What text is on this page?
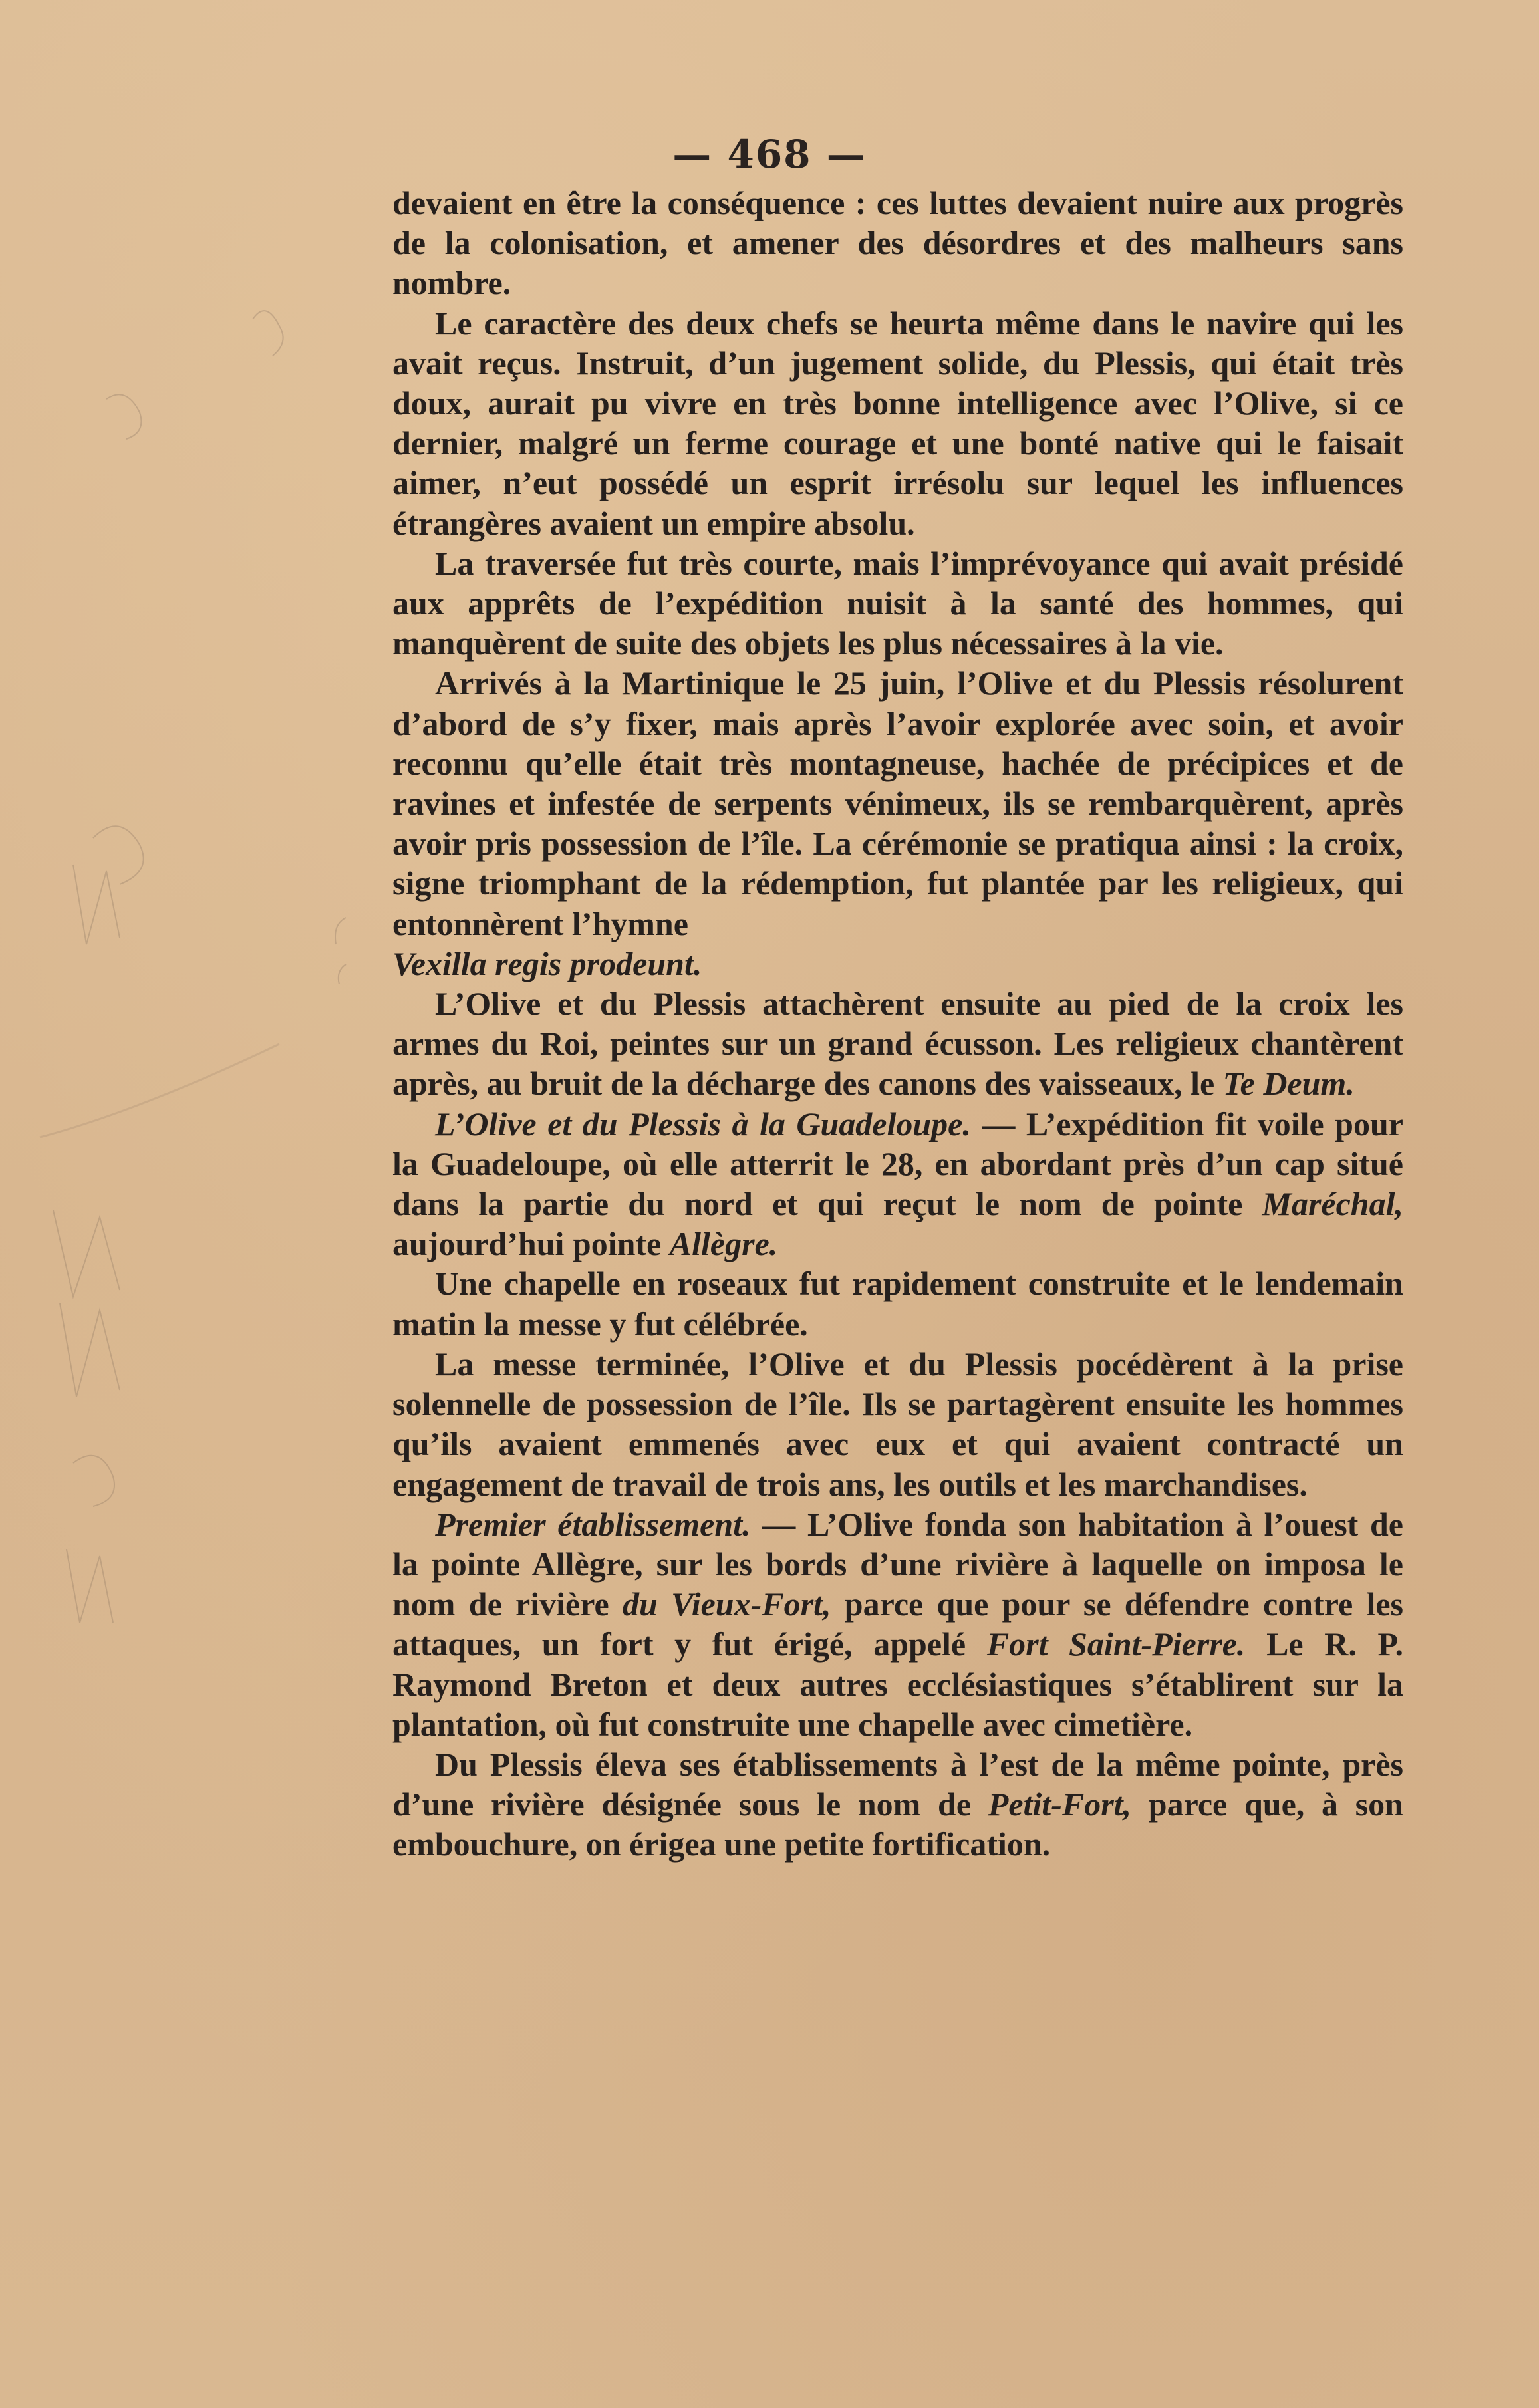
— 468 —

devaient en être la conséquence : ces luttes devaient nuire aux progrès de la colonisation, et amener des désordres et des malheurs sans nombre.

Le caractère des deux chefs se heurta même dans le navire qui les avait reçus. Instruit, d’un jugement solide, du Plessis, qui était très doux, aurait pu vivre en très bonne intelligence avec l’Olive, si ce dernier, malgré un ferme courage et une bonté native qui le faisait aimer, n’eut possédé un esprit irrésolu sur lequel les influences étrangères avaient un empire absolu.

La traversée fut très courte, mais l’imprévoyance qui avait présidé aux apprêts de l’expédition nuisit à la santé des hommes, qui manquèrent de suite des objets les plus nécessaires à la vie.

Arrivés à la Martinique le 25 juin, l’Olive et du Plessis résolurent d’abord de s’y fixer, mais après l’avoir explorée avec soin, et avoir reconnu qu’elle était très montagneuse, hachée de précipices et de ravines et infestée de serpents vénimeux, ils se rembarquèrent, après avoir pris possession de l’île. La cérémonie se pratiqua ainsi : la croix, signe triomphant de la rédemption, fut plantée par les religieux, qui entonnèrent l’hymne

Vexilla regis prodeunt.

L’Olive et du Plessis attachèrent ensuite au pied de la croix les armes du Roi, peintes sur un grand écusson. Les religieux chantèrent après, au bruit de la décharge des canons des vaisseaux, le Te Deum.

L’Olive et du Plessis à la Guadeloupe. — L’expédition fit voile pour la Guadeloupe, où elle atterrit le 28, en abordant près d’un cap situé dans la partie du nord et qui reçut le nom de pointe Maréchal, aujourd’hui pointe Allègre.

Une chapelle en roseaux fut rapidement construite et le lendemain matin la messe y fut célébrée.

La messe terminée, l’Olive et du Plessis pocédèrent à la prise solennelle de possession de l’île. Ils se partagèrent ensuite les hommes qu’ils avaient emmenés avec eux et qui avaient contracté un engagement de travail de trois ans, les outils et les marchandises.

Premier établissement. — L’Olive fonda son habitation à l’ouest de la pointe Allègre, sur les bords d’une rivière à laquelle on imposa le nom de rivière du Vieux-Fort, parce que pour se défendre contre les attaques, un fort y fut érigé, appelé Fort Saint-Pierre. Le R. P. Raymond Breton et deux autres ecclésiastiques s’établirent sur la plantation, où fut construite une chapelle avec cimetière.

Du Plessis éleva ses établissements à l’est de la même pointe, près d’une rivière désignée sous le nom de Petit-Fort, parce que, à son embouchure, on érigea une petite fortification.
